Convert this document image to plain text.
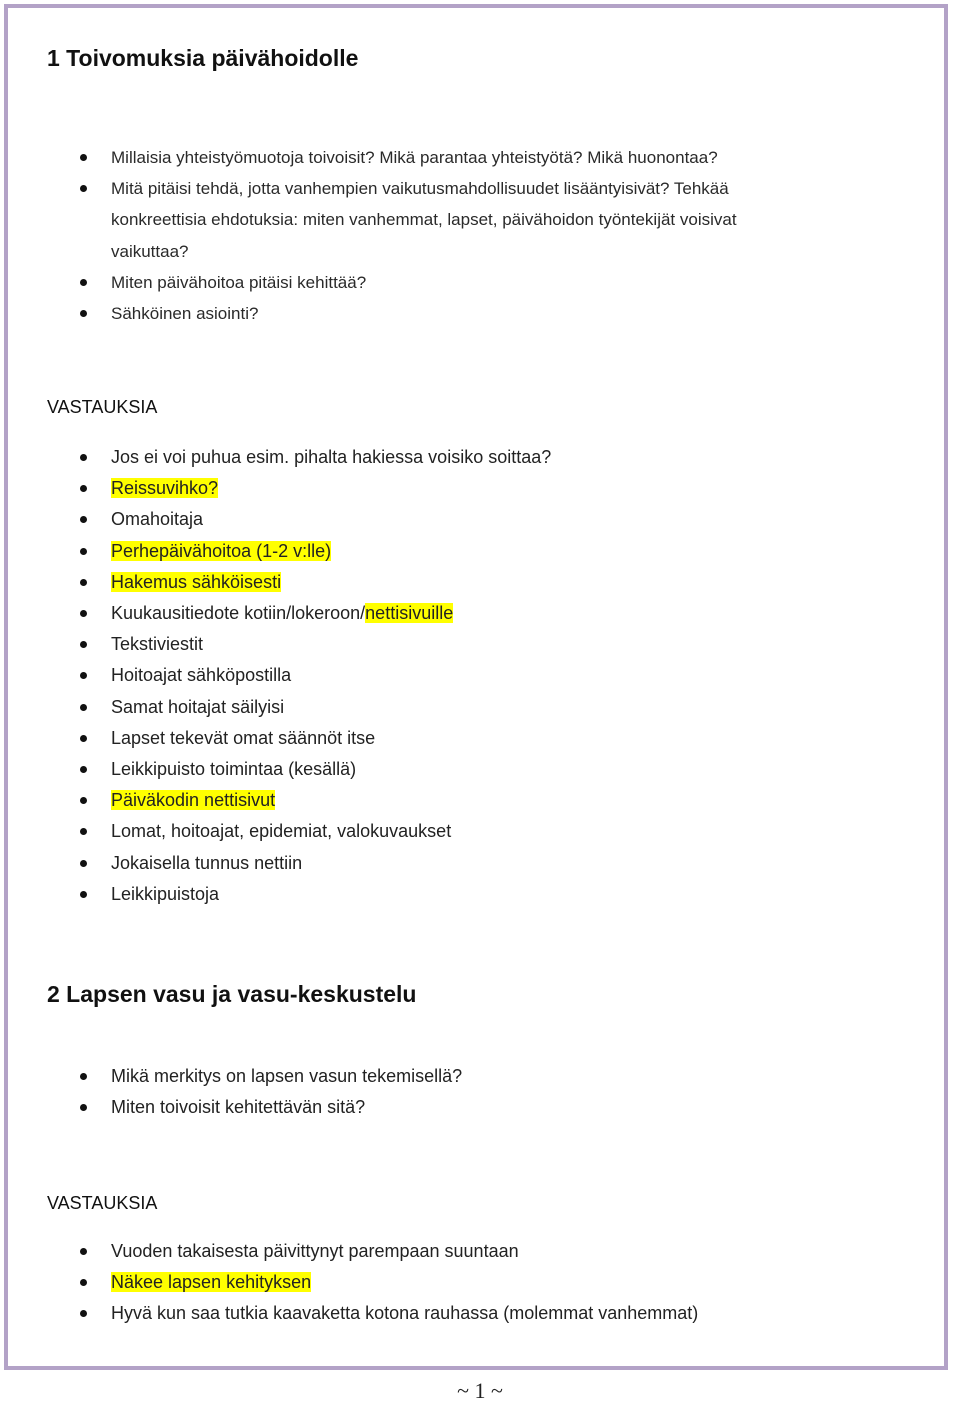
1 Toivomuksia päivähoidolle
Millaisia yhteistyömuotoja toivoisit? Mikä parantaa yhteistyötä? Mikä huonontaa?
Mitä pitäisi tehdä, jotta vanhempien vaikutusmahdollisuudet lisääntyisivät? Tehkää konkreettisia ehdotuksia: miten vanhemmat, lapset, päivähoidon työntekijät voisivat vaikuttaa?
Miten päivähoitoa pitäisi kehittää?
Sähköinen asiointi?

VASTAUKSIA

Jos ei voi puhua esim. pihalta hakiessa voisiko soittaa?
Reissuvihko?
Omahoitaja
Perhepäivähoitoa (1-2 v:lle)
Hakemus sähköisesti
Kuukausitiedote kotiin/lokeroon/nettisivuille
Tekstiviestit
Hoitoajat sähköpostilla
Samat hoitajat säilyisi
Lapset tekevät omat säännöt itse
Leikkipuisto toimintaa (kesällä)
Päiväkodin nettisivut
Lomat, hoitoajat, epidemiat, valokuvaukset
Jokaisella tunnus nettiin
Leikkipuistoja
2 Lapsen vasu ja vasu-keskustelu
Mikä merkitys on lapsen vasun tekemisellä?
Miten toivoisit kehitettävän sitä?

VASTAUKSIA

Vuoden takaisesta päivittynyt parempaan suuntaan
Näkee lapsen kehityksen
Hyvä kun saa tutkia kaavaketta kotona rauhassa (molemmat vanhemmat)
~ 1 ~
